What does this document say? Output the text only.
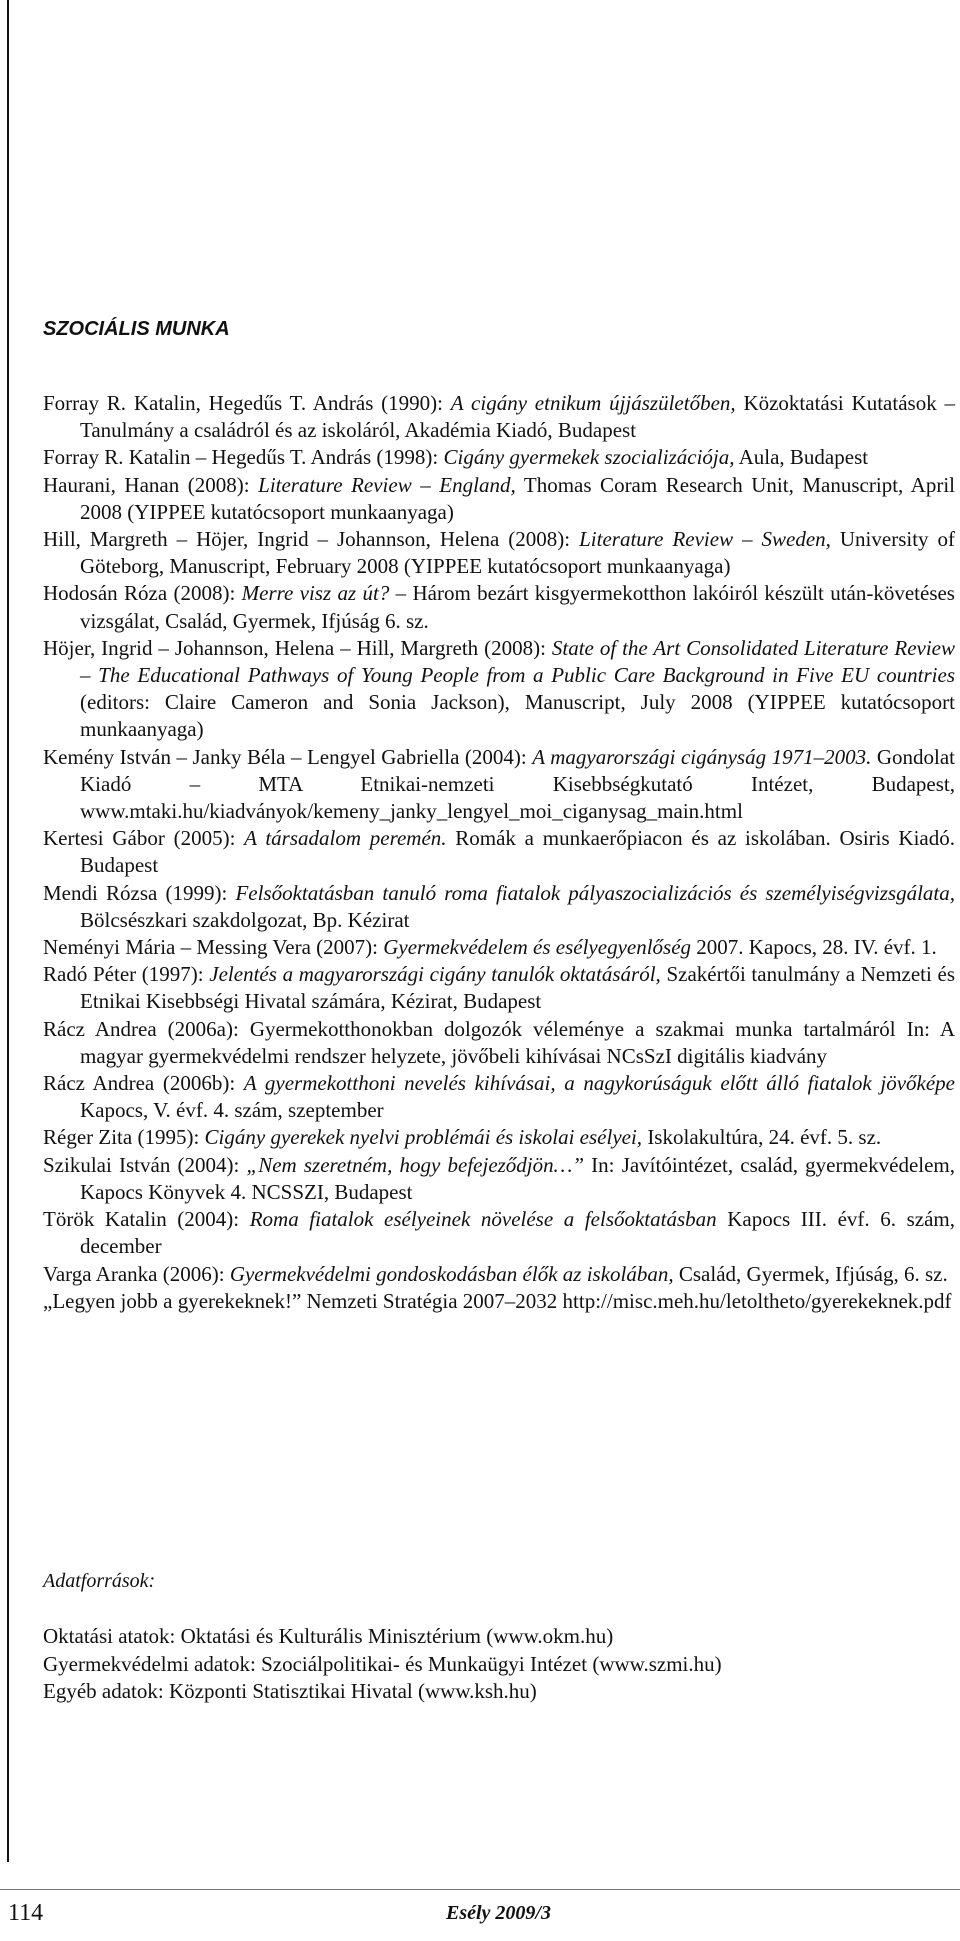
SZOCIÁLIS MUNKA
Forray R. Katalin, Hegedűs T. András (1990): A cigány etnikum újjászületőben, Közoktatási Kutatások – Tanulmány a családról és az iskoláról, Akadémia Kiadó, Budapest
Forray R. Katalin – Hegedűs T. András (1998): Cigány gyermekek szocializációja, Aula, Budapest
Haurani, Hanan (2008): Literature Review – England, Thomas Coram Research Unit, Manuscript, April 2008 (YIPPEE kutatócsoport munkaanyaga)
Hill, Margreth – Höjer, Ingrid – Johannson, Helena (2008): Literature Review – Sweden, University of Göteborg, Manuscript, February 2008 (YIPPEE kutatócsoport munkaanyaga)
Hodosán Róza (2008): Merre visz az út? – Három bezárt kisgyermekotthon lakóiról készült után-követéses vizsgálat, Család, Gyermek, Ifjúság 6. sz.
Höjer, Ingrid – Johannson, Helena – Hill, Margreth (2008): State of the Art Consolidated Literature Review – The Educational Pathways of Young People from a Public Care Background in Five EU countries (editors: Claire Cameron and Sonia Jackson), Manuscript, July 2008 (YIPPEE kutatócsoport munkaanyaga)
Kemény István – Janky Béla – Lengyel Gabriella (2004): A magyarországi cigányság 1971–2003. Gondolat Kiadó – MTA Etnikai-nemzeti Kisebbségkutató Intézet, Budapest, www.mtaki.hu/kiadványok/kemeny_janky_lengyel_moi_ciganysag_main.html
Kertesi Gábor (2005): A társadalom peremén. Romák a munkaerőpiacon és az iskolában. Osiris Kiadó. Budapest
Mendi Rózsa (1999): Felsőoktatásban tanuló roma fiatalok pályaszocializációs és személyiségvizsgálata, Bölcsészkari szakdolgozat, Bp. Kézirat
Neményi Mária – Messing Vera (2007): Gyermekvédelem és esélyegyenlőség 2007. Kapocs, 28. IV. évf. 1.
Radó Péter (1997): Jelentés a magyarországi cigány tanulók oktatásáról, Szakértői tanulmány a Nemzeti és Etnikai Kisebbségi Hivatal számára, Kézirat, Budapest
Rácz Andrea (2006a): Gyermekotthonokban dolgozók véleménye a szakmai munka tartalmáról In: A magyar gyermekvédelmi rendszer helyzete, jövőbeli kihívásai NCsSzI digitális kiadvány
Rácz Andrea (2006b): A gyermekotthoni nevelés kihívásai, a nagykorúságuk előtt álló fiatalok jövőképe Kapocs, V. évf. 4. szám, szeptember
Réger Zita (1995): Cigány gyerekek nyelvi problémái és iskolai esélyei, Iskolakultúra, 24. évf. 5. sz.
Szikulai István (2004): „Nem szeretném, hogy befejeződjön…” In: Javítóintézet, család, gyermekvédelem, Kapocs Könyvek 4. NCSSZI, Budapest
Török Katalin (2004): Roma fiatalok esélyeinek növelése a felsőoktatásban Kapocs III. évf. 6. szám, december
Varga Aranka (2006): Gyermekvédelmi gondoskodásban élők az iskolában, Család, Gyermek, Ifjúság, 6. sz.
„Legyen jobb a gyerekeknek!” Nemzeti Stratégia 2007–2032 http://misc.meh.hu/letoltheto/gyerekeknek.pdf

Adatforrások:

Oktatási atatok: Oktatási és Kulturális Minisztérium (www.okm.hu)
Gyermekvédelmi adatok: Szociálpolitikai- és Munkaügyi Intézet (www.szmi.hu)
Egyéb adatok: Központi Statisztikai Hivatal (www.ksh.hu)

114	Esély 2009/3
